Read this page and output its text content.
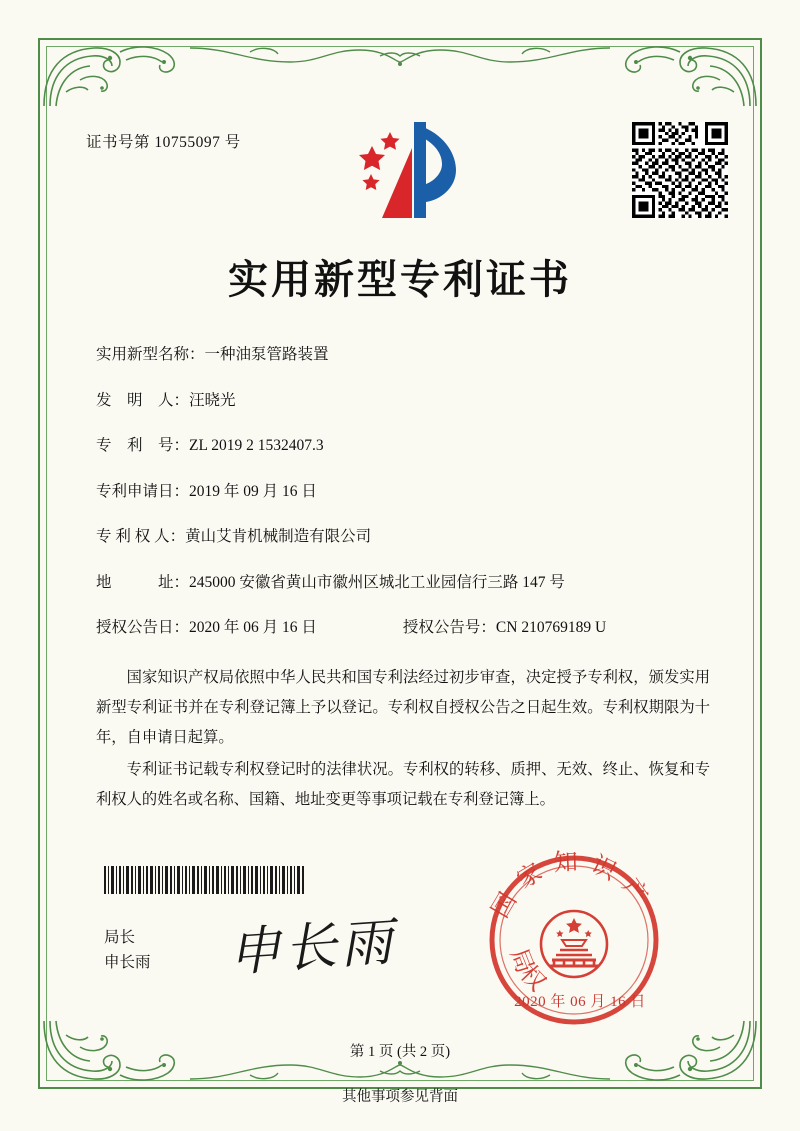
证书号第 10755097 号
实用新型专利证书
实用新型名称： 一种油泵管路装置
发　明　人： 汪晓光
专　利　号： ZL 2019 2 1532407.3
专利申请日： 2019 年 09 月 16 日
专 利 权 人： 黄山艾肯机械制造有限公司
地　　　址： 245000 安徽省黄山市徽州区城北工业园信行三路 147 号
授权公告日： 2020 年 06 月 16 日	授权公告号： CN 210769189 U

国家知识产权局依照中华人民共和国专利法经过初步审查，决定授予专利权，颁发实用新型专利证书并在专利登记簿上予以登记。专利权自授权公告之日起生效。专利权期限为十年，自申请日起算。

专利证书记载专利权登记时的法律状况。专利权的转移、质押、无效、终止、恢复和专利权人的姓名或名称、国籍、地址变更等事项记载在专利登记簿上。

局长
申长雨 申长雨
国家知识产
局权
2020 年 06 月 16 日
第 1 页 (共 2 页)
其他事项参见背面
